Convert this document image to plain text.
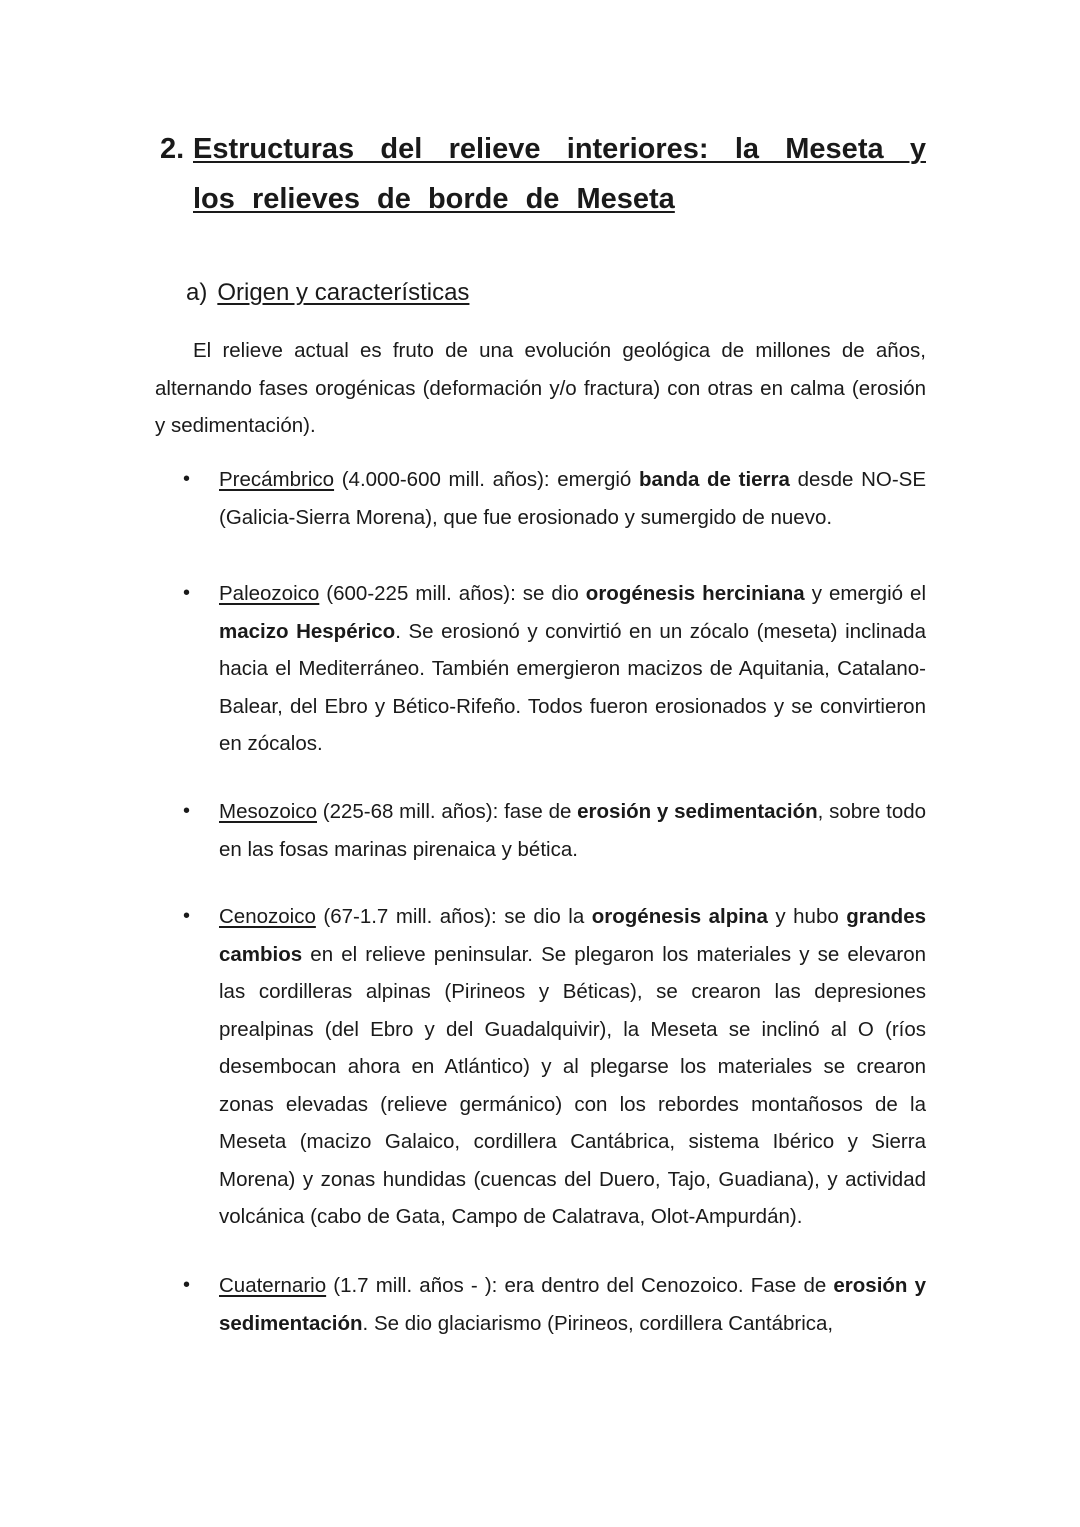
2. Estructuras del relieve interiores: la Meseta y los relieves de borde de Meseta
a) Origen y características

El relieve actual es fruto de una evolución geológica de millones de años, alternando fases orogénicas (deformación y/o fractura) con otras en calma (erosión y sedimentación).

• Precámbrico (4.000-600 mill. años): emergió banda de tierra desde NO-SE (Galicia-Sierra Morena), que fue erosionado y sumergido de nuevo.
• Paleozoico (600-225 mill. años): se dio orogénesis herciniana y emergió el macizo Hespérico. Se erosionó y convirtió en un zócalo (meseta) inclinada hacia el Mediterráneo. También emergieron macizos de Aquitania, Catalano-Balear, del Ebro y Bético-Rifeño. Todos fueron erosionados y se convirtieron en zócalos.
• Mesozoico (225-68 mill. años): fase de erosión y sedimentación, sobre todo en las fosas marinas pirenaica y bética.
• Cenozoico (67-1.7 mill. años): se dio la orogénesis alpina y hubo grandes cambios en el relieve peninsular. Se plegaron los materiales y se elevaron las cordilleras alpinas (Pirineos y Béticas), se crearon las depresiones prealpinas (del Ebro y del Guadalquivir), la Meseta se inclinó al O (ríos desembocan ahora en Atlántico) y al plegarse los materiales se crearon zonas elevadas (relieve germánico) con los rebordes montañosos de la Meseta (macizo Galaico, cordillera Cantábrica, sistema Ibérico y Sierra Morena) y zonas hundidas (cuencas del Duero, Tajo, Guadiana), y actividad volcánica (cabo de Gata, Campo de Calatrava, Olot-Ampurdán).
• Cuaternario (1.7 mill. años - ): era dentro del Cenozoico. Fase de erosión y sedimentación. Se dio glaciarismo (Pirineos, cordillera Cantábrica,
